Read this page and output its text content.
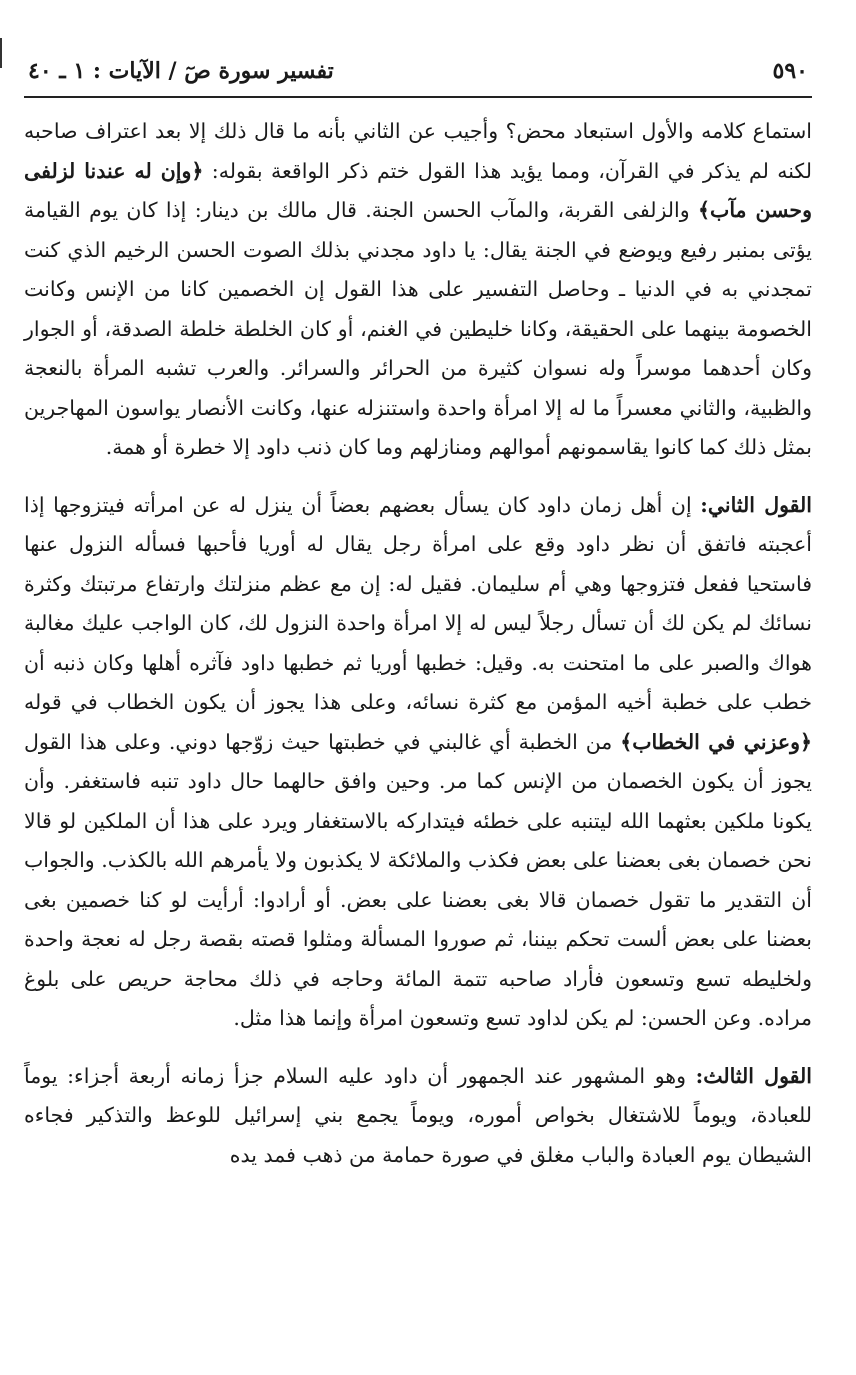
٥٩٠
تفسير سورة صٓ / الآيات : ١ ـ ٤٠

استماع كلامه والأول استبعاد محض؟ وأجيب عن الثاني بأنه ما قال ذلك إلا بعد اعتراف صاحبه لكنه لم يذكر في القرآن، ومما يؤيد هذا القول ختم ذكر الواقعة بقوله: ﴿وإن له عندنا لزلفى وحسن مآب﴾ والزلفى القربة، والمآب الحسن الجنة. قال مالك بن دينار: إذا كان يوم القيامة يؤتى بمنبر رفيع ويوضع في الجنة يقال: يا داود مجدني بذلك الصوت الحسن الرخيم الذي كنت تمجدني به في الدنيا ـ وحاصل التفسير على هذا القول إن الخصمين كانا من الإنس وكانت الخصومة بينهما على الحقيقة، وكانا خليطين في الغنم، أو كان الخلطة خلطة الصدقة، أو الجوار وكان أحدهما موسراً وله نسوان كثيرة من الحرائر والسرائر. والعرب تشبه المرأة بالنعجة والظبية، والثاني معسراً ما له إلا امرأة واحدة واستنزله عنها، وكانت الأنصار يواسون المهاجرين بمثل ذلك كما كانوا يقاسمونهم أموالهم ومنازلهم وما كان ذنب داود إلا خطرة أو همة.

القول الثاني: إن أهل زمان داود كان يسأل بعضهم بعضاً أن ينزل له عن امرأته فيتزوجها إذا أعجبته فاتفق أن نظر داود وقع على امرأة رجل يقال له أوريا فأحبها فسأله النزول عنها فاستحيا ففعل فتزوجها وهي أم سليمان. فقيل له: إن مع عظم منزلتك وارتفاع مرتبتك وكثرة نسائك لم يكن لك أن تسأل رجلاً ليس له إلا امرأة واحدة النزول لك، كان الواجب عليك مغالبة هواك والصبر على ما امتحنت به. وقيل: خطبها أوريا ثم خطبها داود فآثره أهلها وكان ذنبه أن خطب على خطبة أخيه المؤمن مع كثرة نسائه، وعلى هذا يجوز أن يكون الخطاب في قوله ﴿وعزني في الخطاب﴾ من الخطبة أي غالبني في خطبتها حيث زوّجها دوني. وعلى هذا القول يجوز أن يكون الخصمان من الإنس كما مر. وحين وافق حالهما حال داود تنبه فاستغفر. وأن يكونا ملكين بعثهما الله ليتنبه على خطئه فيتداركه بالاستغفار ويرد على هذا أن الملكين لو قالا نحن خصمان بغى بعضنا على بعض فكذب والملائكة لا يكذبون ولا يأمرهم الله بالكذب. والجواب أن التقدير ما تقول خصمان قالا بغى بعضنا على بعض. أو أرادوا: أرأيت لو كنا خصمين بغى بعضنا على بعض ألست تحكم بيننا، ثم صوروا المسألة ومثلوا قصته بقصة رجل له نعجة واحدة ولخليطه تسع وتسعون فأراد صاحبه تتمة المائة وحاجه في ذلك محاجة حريص على بلوغ مراده. وعن الحسن: لم يكن لداود تسع وتسعون امرأة وإنما هذا مثل.

القول الثالث: وهو المشهور عند الجمهور أن داود عليه السلام جزأ زمانه أربعة أجزاء: يوماً للعبادة، ويوماً للاشتغال بخواص أموره، ويوماً يجمع بني إسرائيل للوعظ والتذكير فجاءه الشيطان يوم العبادة والباب مغلق في صورة حمامة من ذهب فمد يده
